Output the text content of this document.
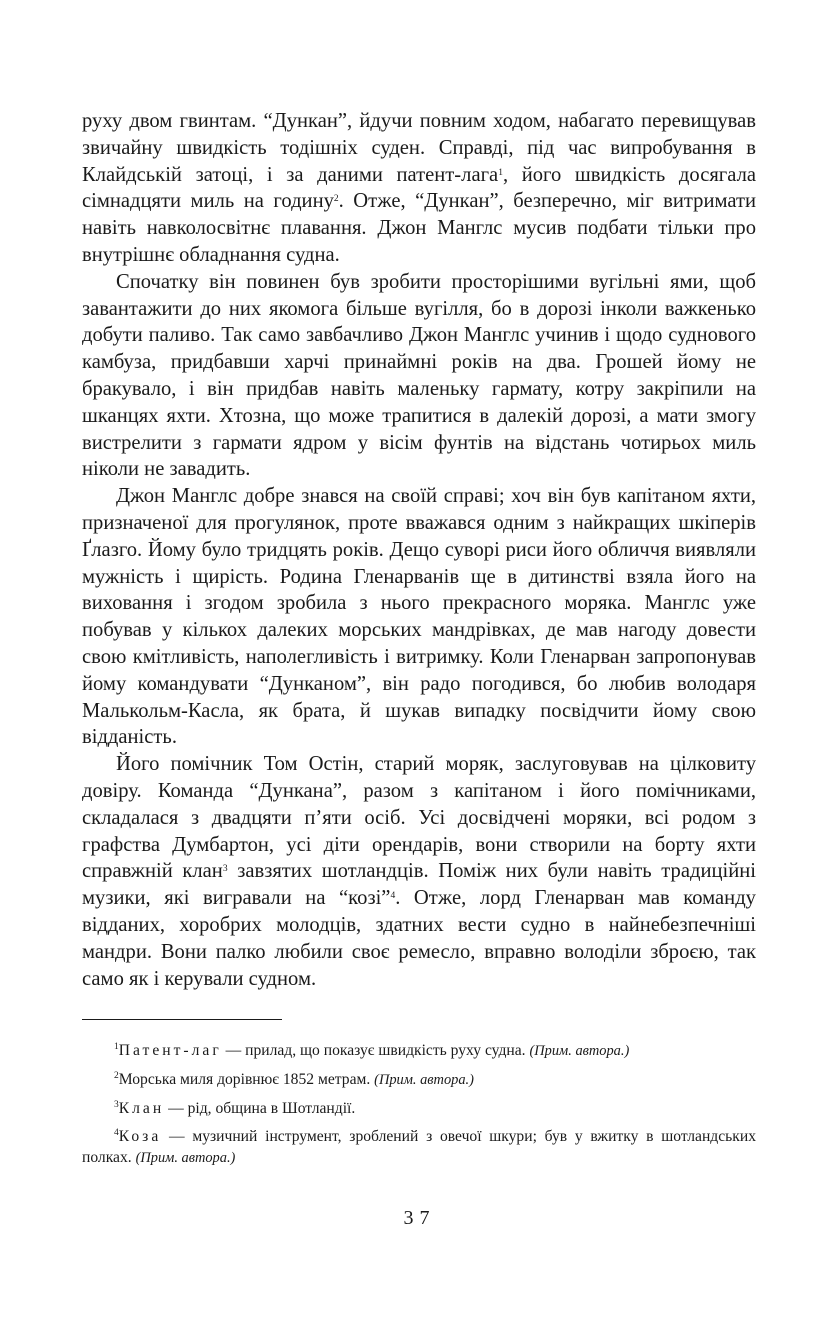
руху двом гвинтам. “Дункан”, йдучи повним ходом, набагато перевищував звичайну швидкість тодішніх суден. Справді, під час випробування в Клайдській затоці, і за даними патент-лага$^1$, його швидкість досягала сімнадцяти миль на годину$^2$. Отже, “Дункан”, безперечно, міг витримати навіть навколосвітнє плавання. Джон Манглс мусив подбати тільки про внутрішнє обладнання судна.

Спочатку він повинен був зробити просторішими вугільні ями, щоб завантажити до них якомога більше вугілля, бо в дорозі інколи важкенько добути паливо. Так само завбачливо Джон Манглс учинив і щодо суднового камбуза, придбавши харчі принаймні років на два. Грошей йому не бракувало, і він придбав навіть маленьку гармату, котру закріпили на шканцях яхти. Хтозна, що може трапитися в далекій дорозі, а мати змогу вистрелити з гармати ядром у вісім фунтів на відстань чотирьох миль ніколи не завадить.

Джон Манглс добре знався на своїй справі; хоч він був капітаном яхти, призначеної для прогулянок, проте вважався одним з найкращих шкіперів Ґлазго. Йому було тридцять років. Дещо суворі риси його обличчя виявляли мужність і щирість. Родина Гленарвaнів ще в дитинстві взяла його на виховання і згодом зробила з нього прекрасного моряка. Манглс уже побував у кількох далеких морських мандрівках, де мав нагоду довести свою кмітливість, наполегливість і витримку. Коли Гленарван запропонував йому командувати “Дунканом”, він радо погодився, бо любив володаря Малькольм-Касла, як брата, й шукав випадку посвідчити йому свою відданість.

Його помічник Том Остін, старий моряк, заслуговував на цілковиту довіру. Команда “Дункана”, разом з капітаном і його помічниками, складалася з двадцяти п’яти осіб. Усі досвідчені моряки, всі родом з графства Думбартон, усі діти орендарів, вони створили на борту яхти справжній клан$^3$ завзятих шотландців. Поміж них були навіть традиційні музики, які вигравали на “козі”$^4$. Отже, лорд Гленарван мав команду відданих, хоробрих молодців, здатних вести судно в найнебезпечніші мандри. Вони палко любили своє ремесло, вправно володіли зброєю, так само як і керували судном.

$^1$Патент-лаг — прилад, що показує швидкість руху судна. (Прим. автора.)

$^2$Морська миля дорівнює 1852 метрам. (Прим. автора.)

$^3$Клан — рід, община в Шотландії.

$^4$Коза — музичний інструмент, зроблений з овечої шкури; був у вжитку в шотландських полках. (Прим. автора.)

37
